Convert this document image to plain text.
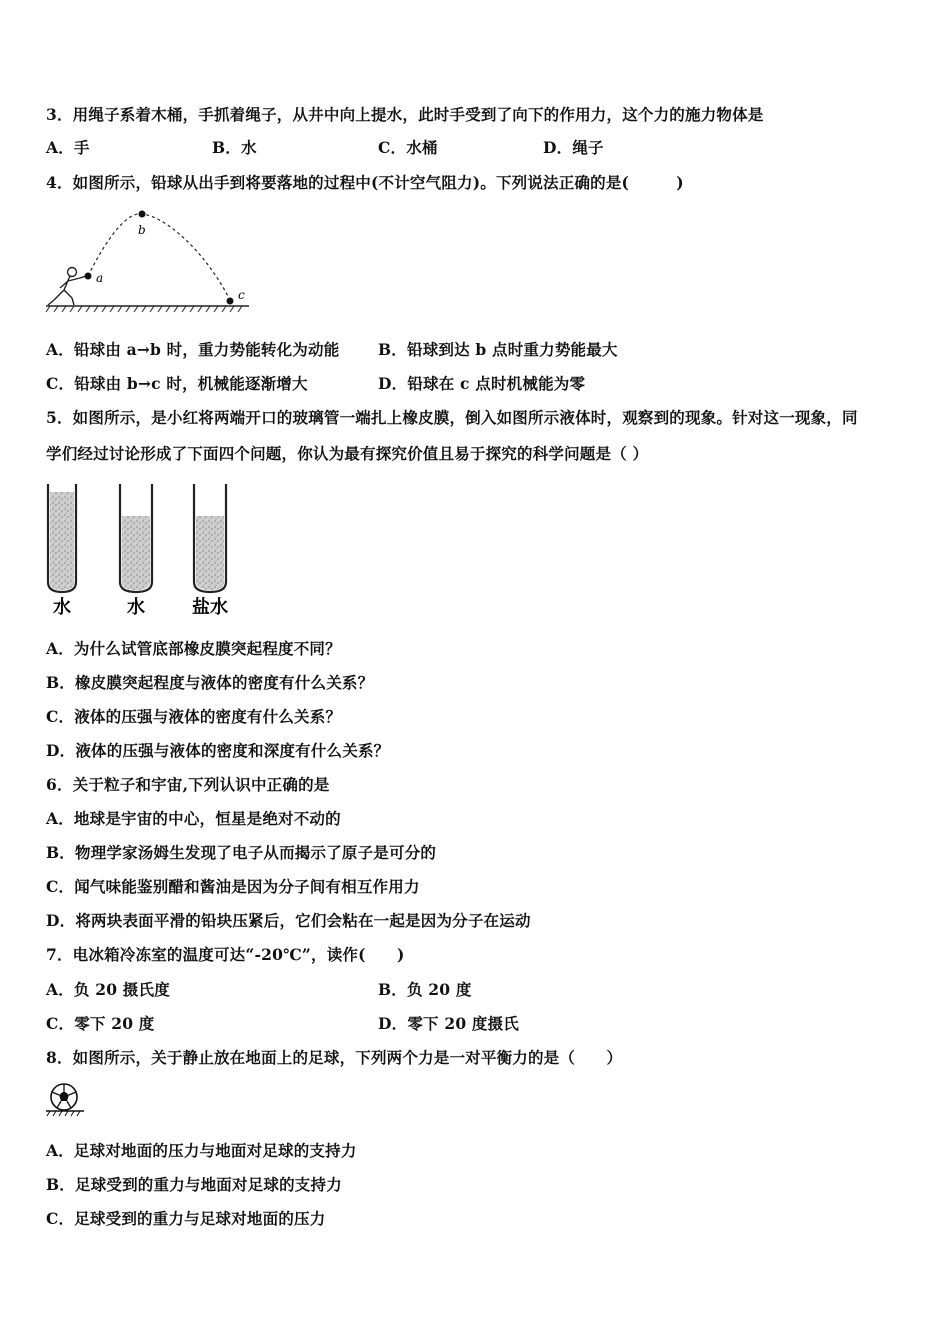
3．用绳子系着木桶，手抓着绳子，从井中向上提水，此时手受到了向下的作用力，这个力的施力物体是
A．手	B．水	C．水桶	D．绳子
4．如图所示，铅球从出手到将要落地的过程中(不计空气阻力)。下列说法正确的是(　　　)
a
b
c
A．铅球由 a→b 时，重力势能转化为动能 B．铅球到达 b 点时重力势能最大
C．铅球由 b→c 时，机械能逐渐增大	D．铅球在 c 点时机械能为零
5．如图所示，是小红将两端开口的玻璃管一端扎上橡皮膜，倒入如图所示液体时，观察到的现象。针对这一现象，同
学们经过讨论形成了下面四个问题，你认为最有探究价值且易于探究的科学问题是（ ）
水	水	盐水
A．为什么试管底部橡皮膜突起程度不同？
B．橡皮膜突起程度与液体的密度有什么关系？
C．液体的压强与液体的密度有什么关系？
D．液体的压强与液体的密度和深度有什么关系？
6．关于粒子和宇宙,下列认识中正确的是
A．地球是宇宙的中心，恒星是绝对不动的
B．物理学家汤姆生发现了电子从而揭示了原子是可分的
C．闻气味能鉴别醋和酱油是因为分子间有相互作用力
D．将两块表面平滑的铅块压紧后，它们会粘在一起是因为分子在运动
7．电冰箱冷冻室的温度可达“-20℃”，读作(　　)
A．负 20 摄氏度	B．负 20 度
C．零下 20 度	D．零下 20 度摄氏
8．如图所示，关于静止放在地面上的足球，下列两个力是一对平衡力的是（　　）
A．足球对地面的压力与地面对足球的支持力
B．足球受到的重力与地面对足球的支持力
C．足球受到的重力与足球对地面的压力
